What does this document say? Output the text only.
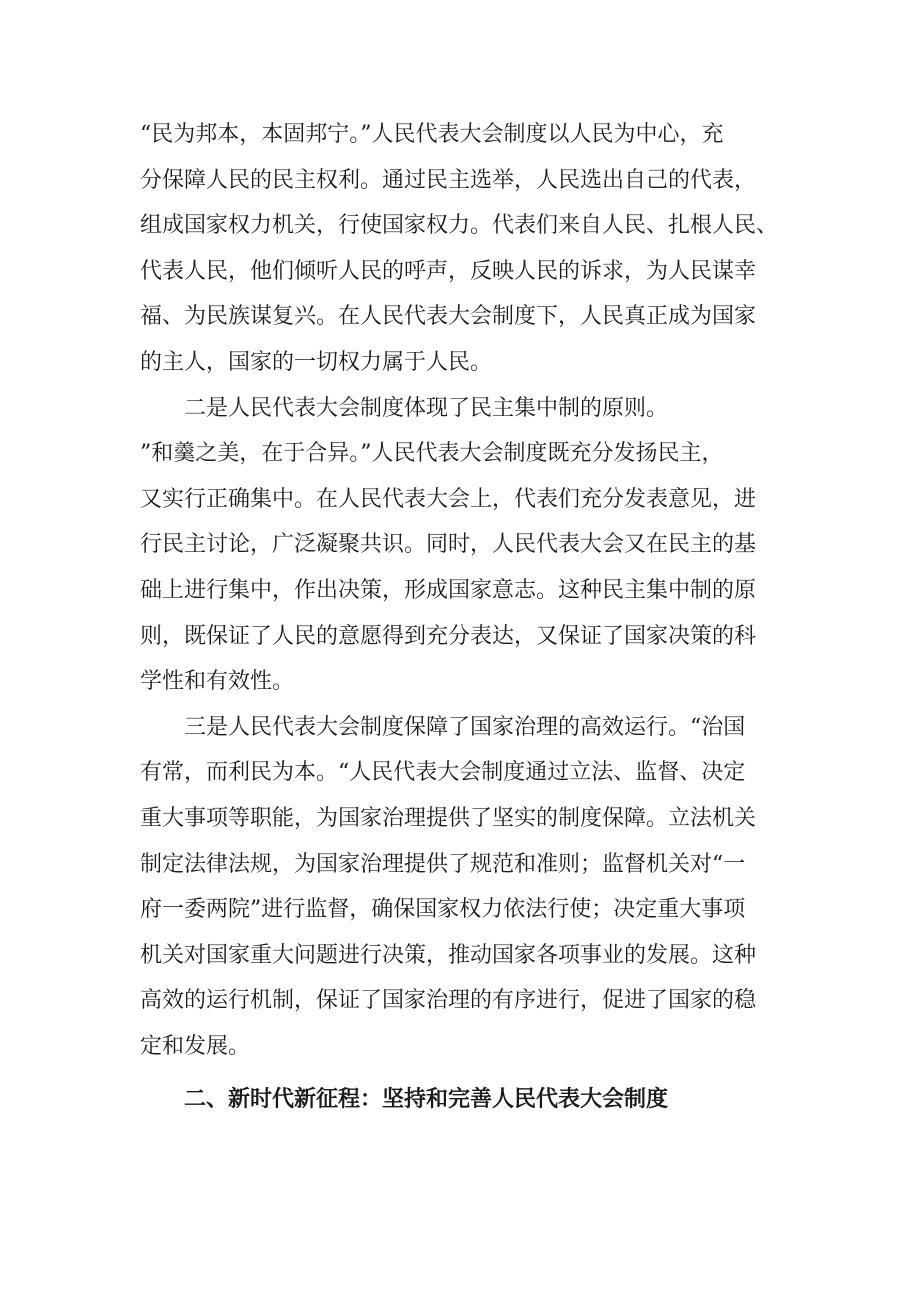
“民为邦本，本固邦宁。”人民代表大会制度以人民为中心，充
分保障人民的民主权利。通过民主选举，人民选出自己的代表，
组成国家权力机关，行使国家权力。代表们来自人民、扎根人民、
代表人民，他们倾听人民的呼声，反映人民的诉求，为人民谋幸
福、为民族谋复兴。在人民代表大会制度下，人民真正成为国家
的主人，国家的一切权力属于人民。

　　二是人民代表大会制度体现了民主集中制的原则。
”和羹之美，在于合异。”人民代表大会制度既充分发扬民主，
又实行正确集中。在人民代表大会上，代表们充分发表意见，进
行民主讨论，广泛凝聚共识。同时，人民代表大会又在民主的基
础上进行集中，作出决策，形成国家意志。这种民主集中制的原
则，既保证了人民的意愿得到充分表达，又保证了国家决策的科
学性和有效性。

　　三是人民代表大会制度保障了国家治理的高效运行。“治国
有常，而利民为本。“人民代表大会制度通过立法、监督、决定
重大事项等职能，为国家治理提供了坚实的制度保障。立法机关
制定法律法规，为国家治理提供了规范和准则；监督机关对“一
府一委两院”进行监督，确保国家权力依法行使；决定重大事项
机关对国家重大问题进行决策，推动国家各项事业的发展。这种
高效的运行机制，保证了国家治理的有序进行，促进了国家的稳
定和发展。

二、新时代新征程：坚持和完善人民代表大会制度
